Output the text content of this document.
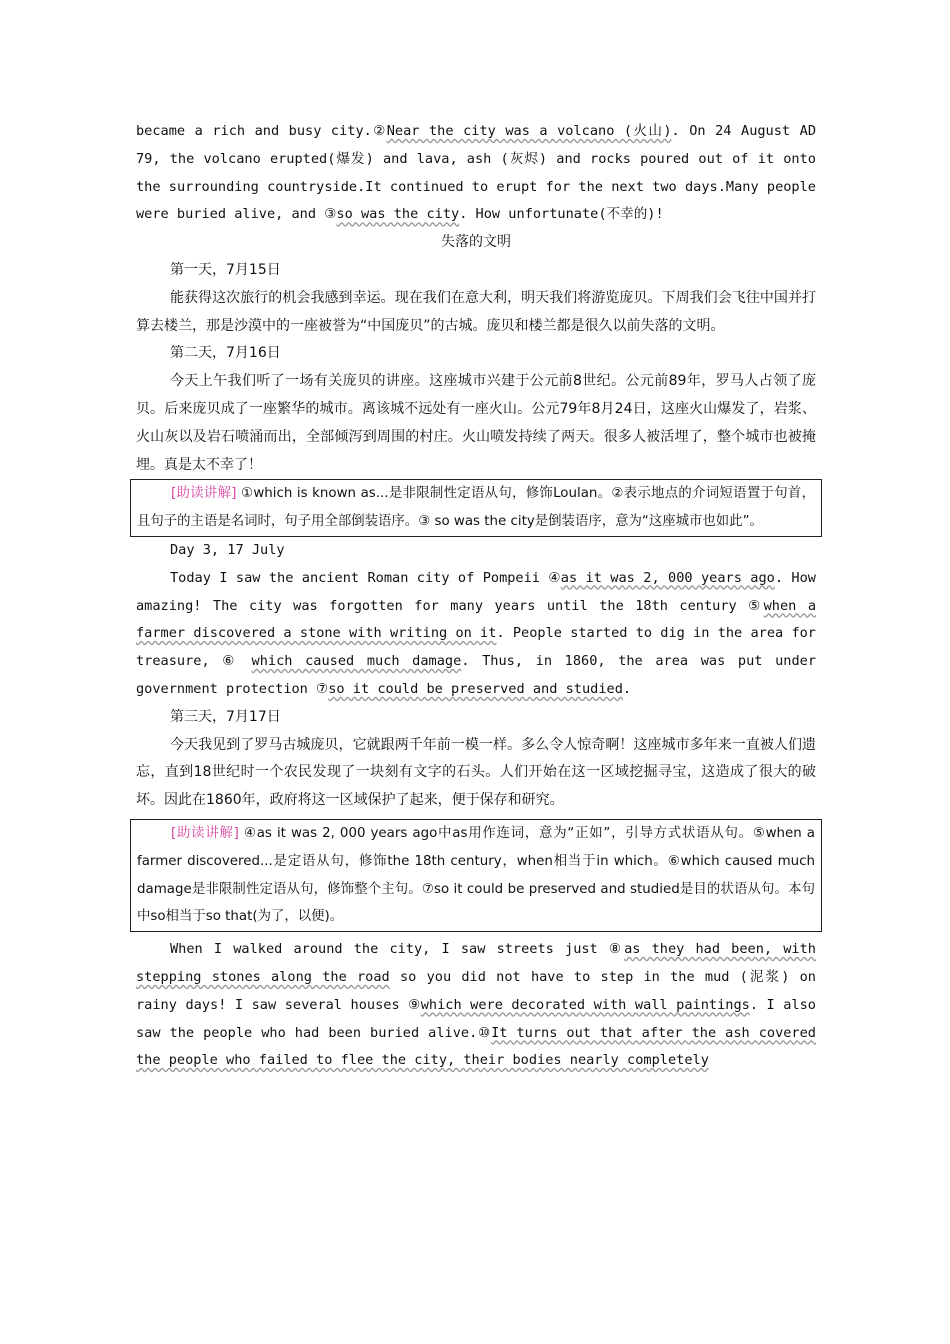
became a rich and busy city.②Near the city was a volcano (火山). On 24 August AD 79, the volcano erupted(爆发) and lava, ash (灰烬) and rocks poured out of it onto the surrounding countryside.It continued to erupt for the next two days.Many people were buried alive, and ③so was the city. How unfortunate(不幸的)!

失落的文明

第一天，7月15日

能获得这次旅行的机会我感到幸运。现在我们在意大利，明天我们将游览庞贝。下周我们会飞往中国并打算去楼兰，那是沙漠中的一座被誉为“中国庞贝”的古城。庞贝和楼兰都是很久以前失落的文明。

第二天，7月16日

今天上午我们听了一场有关庞贝的讲座。这座城市兴建于公元前8世纪。公元前89年，罗马人占领了庞贝。后来庞贝成了一座繁华的城市。离该城不远处有一座火山。公元79年8月24日，这座火山爆发了，岩浆、火山灰以及岩石喷涌而出，全部倾泻到周围的村庄。火山喷发持续了两天。很多人被活埋了，整个城市也被掩埋。真是太不幸了！

[助读讲解] ①which is known as...是非限制性定语从句，修饰Loulan。②表示地点的介词短语置于句首，且句子的主语是名词时，句子用全部倒装语序。③ so was the city是倒装语序，意为“这座城市也如此”。

Day 3, 17 July

Today I saw the ancient Roman city of Pompeii ④as it was 2, 000 years ago. How amazing! The city was forgotten for many years until the 18th century ⑤when a farmer discovered a stone with writing on it. People started to dig in the area for treasure, ⑥ which caused much damage. Thus, in 1860, the area was put under government protection ⑦so it could be preserved and studied.

第三天，7月17日

今天我见到了罗马古城庞贝，它就跟两千年前一模一样。多么令人惊奇啊！这座城市多年来一直被人们遗忘，直到18世纪时一个农民发现了一块刻有文字的石头。人们开始在这一区域挖掘寻宝，这造成了很大的破坏。因此在1860年，政府将这一区域保护了起来，便于保存和研究。

[助读讲解] ④as it was 2, 000 years ago中as用作连词，意为“正如”，引导方式状语从句。⑤when a farmer discovered...是定语从句，修饰the 18th century，when相当于in which。⑥which caused much damage是非限制性定语从句，修饰整个主句。⑦so it could be preserved and studied是目的状语从句。本句中so相当于so that(为了，以便)。

When I walked around the city, I saw streets just ⑧as they had been, with stepping stones along the road so you did not have to step in the mud (泥浆) on rainy days! I saw several houses ⑨which were decorated with wall paintings. I also saw the people who had been buried alive.⑩It turns out that after the ash covered the people who failed to flee the city, their bodies nearly completely
